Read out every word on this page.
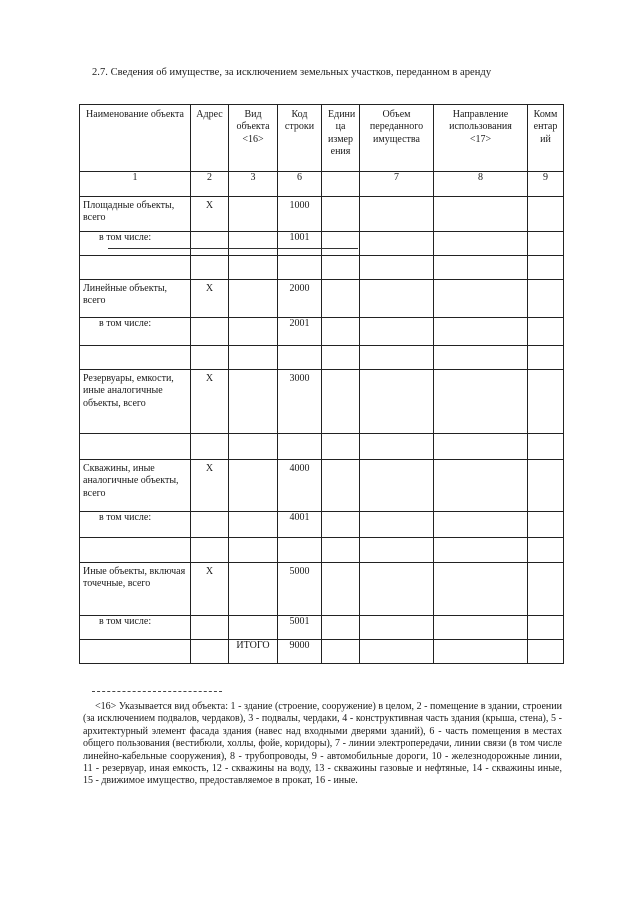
2.7. Сведения об имуществе, за исключением земельных участков, переданном в аренду
Наименование объекта	Адрес	Вид объекта <16>	Код строки	Едини ца измер ения	Объем переданного имущества	Направление использования <17>	Комм ентар ий
1	2	3	6		7	8	9
Площадные объекты, всего	X		1000				
в том числе:			1001				

Линейные объекты, всего	X		2000				
в том числе:			2001				

Резервуары, емкости, иные аналогичные объекты, всего	X		3000				

Скважины, иные аналогичные объекты, всего	X		4000				
в том числе:			4001				

Иные объекты, включая точечные, всего	X		5000				
в том числе:			5001				
		ИТОГО	9000				
<16> Указывается вид объекта: 1 - здание (строение, сооружение) в целом, 2 - помещение в здании, строении (за исключением подвалов, чердаков), 3 - подвалы, чердаки, 4 - конструктивная часть здания (крыша, стена), 5 - архитектурный элемент фасада здания (навес над входными дверями зданий), 6 - часть помещения в местах общего пользования (вестибюли, холлы, фойе, коридоры), 7 - линии электропередачи, линии связи (в том числе линейно-кабельные сооружения), 8 - трубопроводы, 9 - автомобильные дороги, 10 - железнодорожные линии, 11 - резервуар, иная емкость, 12 - скважины на воду, 13 - скважины газовые и нефтяные, 14 - скважины иные, 15 - движимое имущество, предоставляемое в прокат, 16 - иные.
